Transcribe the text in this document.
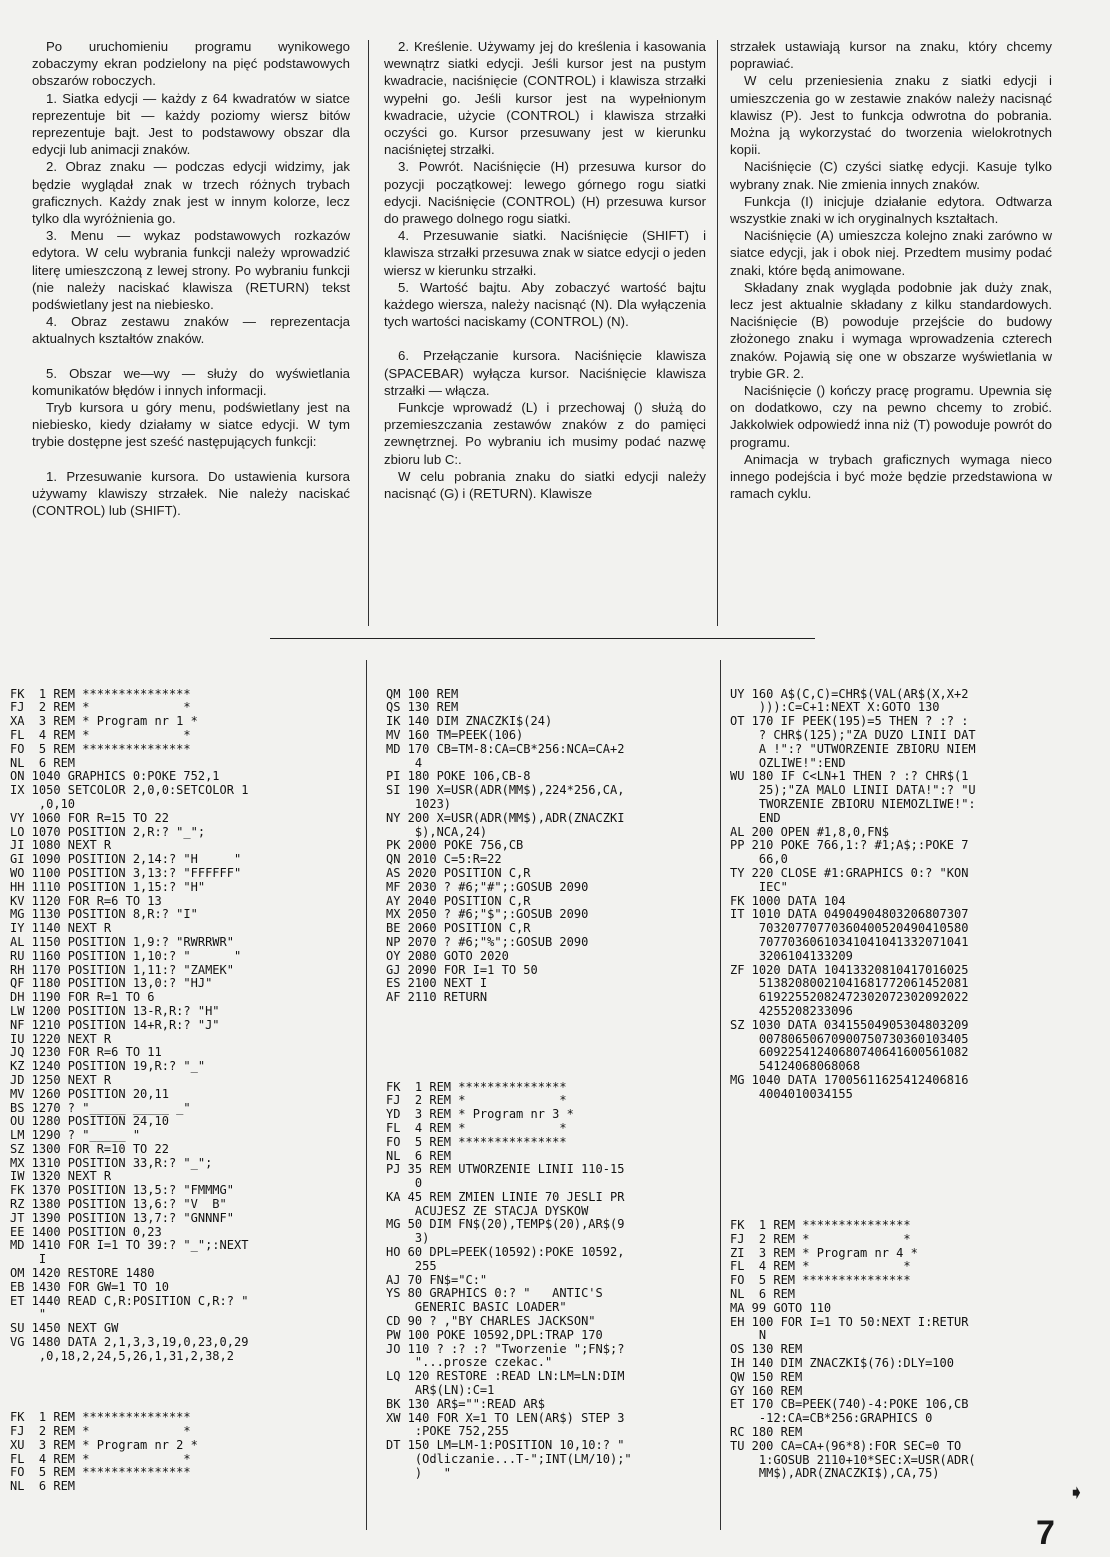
Po uruchomieniu programu wynikowego zobaczymy ekran podzielony na pięć podstawowych obszarów roboczych.

1. Siatka edycji — każdy z 64 kwadratów w siatce reprezentuje bit — każdy poziomy wiersz bitów reprezentuje bajt. Jest to podstawowy obszar dla edycji lub animacji znaków.

2. Obraz znaku — podczas edycji widzimy, jak będzie wyglądał znak w trzech różnych trybach graficznych. Każdy znak jest w innym kolorze, lecz tylko dla wyróżnienia go.

3. Menu — wykaz podstawowych rozkazów edytora. W celu wybrania funkcji należy wprowadzić literę umieszczoną z lewej strony. Po wybraniu funkcji (nie należy naciskać klawisza (RETURN) tekst podświetlany jest na niebiesko.

4. Obraz zestawu znaków — reprezentacja aktualnych kształtów znaków.

5. Obszar we—wy — służy do wyświetlania komunikatów błędów i innych informacji.

Tryb kursora u góry menu, podświetlany jest na niebiesko, kiedy działamy w siatce edycji. W tym trybie dostępne jest sześć następujących funkcji:

1. Przesuwanie kursora. Do ustawienia kursora używamy klawiszy strzałek. Nie należy naciskać (CONTROL) lub (SHIFT).

2. Kreślenie. Używamy jej do kreślenia i kasowania wewnątrz siatki edycji. Jeśli kursor jest na pustym kwadracie, naciśnięcie (CONTROL) i klawisza strzałki wypełni go. Jeśli kursor jest na wypełnionym kwadracie, użycie (CONTROL) i klawisza strzałki oczyści go. Kursor przesuwany jest w kierunku naciśniętej strzałki.

3. Powrót. Naciśnięcie (H) przesuwa kursor do pozycji początkowej: lewego górnego rogu siatki edycji. Naciśnięcie (CONTROL) (H) przesuwa kursor do prawego dolnego rogu siatki.

4. Przesuwanie siatki. Naciśnięcie (SHIFT) i klawisza strzałki przesuwa znak w siatce edycji o jeden wiersz w kierunku strzałki.

5. Wartość bajtu. Aby zobaczyć wartość bajtu każdego wiersza, należy nacisnąć (N). Dla wyłączenia tych wartości naciskamy (CONTROL) (N).

6. Przełączanie kursora. Naciśnięcie klawisza (SPACEBAR) wyłącza kursor. Naciśnięcie klawisza strzałki — włącza.

Funkcje wprowadź (L) i przechowaj () służą do przemieszczania zestawów znaków z do pamięci zewnętrznej. Po wybraniu ich musimy podać nazwę zbioru lub C:.

W celu pobrania znaku do siatki edycji należy nacisnąć (G) i (RETURN). Klawisze

strzałek ustawiają kursor na znaku, który chcemy poprawiać.

W celu przeniesienia znaku z siatki edycji i umieszczenia go w zestawie znaków należy nacisnąć klawisz (P). Jest to funkcja odwrotna do pobrania. Można ją wykorzystać do tworzenia wielokrotnych kopii.

Naciśnięcie (C) czyści siatkę edycji. Kasuje tylko wybrany znak. Nie zmienia innych znaków.

Funkcja (I) inicjuje działanie edytora. Odtwarza wszystkie znaki w ich oryginalnych kształtach.

Naciśnięcie (A) umieszcza kolejno znaki zarówno w siatce edycji, jak i obok niej. Przedtem musimy podać znaki, które będą animowane.

Składany znak wygląda podobnie jak duży znak, lecz jest aktualnie składany z kilku standardowych. Naciśnięcie (B) powoduje przejście do budowy złożonego znaku i wymaga wprowadzenia czterech znaków. Pojawią się one w obszarze wyświetlania w trybie GR. 2.

Naciśnięcie () kończy pracę programu. Upewnia się on dodatkowo, czy na pewno chcemy to zrobić. Jakkolwiek odpowiedź inna niż (T) powoduje powrót do programu.

Animacja w trybach graficznych wymaga nieco innego podejścia i być może będzie przedstawiona w ramach cyklu.

FK  1 REM ***************
FJ  2 REM *             *
XA  3 REM * Program nr 1 *
FL  4 REM *             *
FO  5 REM ***************
NL  6 REM
ON 1040 GRAPHICS 0:POKE 752,1
IX 1050 SETCOLOR 2,0,0:SETCOLOR 1
,0,10
VY 1060 FOR R=15 TO 22
LO 1070 POSITION 2,R:? "_";
JI 1080 NEXT R
GI 1090 POSITION 2,14:? "H     "
WO 1100 POSITION 3,13:? "FFFFFF"
HH 1110 POSITION 1,15:? "H"
KV 1120 FOR R=6 TO 13
MG 1130 POSITION 8,R:? "I"
IY 1140 NEXT R
AL 1150 POSITION 1,9:? "RWRRWR"
RU 1160 POSITION 1,10:? "      "
RH 1170 POSITION 1,11:? "ZAMEK"
QF 1180 POSITION 13,0:? "HJ"
DH 1190 FOR R=1 TO 6
LW 1200 POSITION 13-R,R:? "H"
NF 1210 POSITION 14+R,R:? "J"
IU 1220 NEXT R
JQ 1230 FOR R=6 TO 11
KZ 1240 POSITION 19,R:? "_"
JD 1250 NEXT R
MV 1260 POSITION 20,11
BS 1270 ? "_____ _____ _"
OU 1280 POSITION 24,10
LM 1290 ? "_____ "
SZ 1300 FOR R=10 TO 22
MX 1310 POSITION 33,R:? "_";
IW 1320 NEXT R
FK 1370 POSITION 13,5:? "FMMMG"
RZ 1380 POSITION 13,6:? "V  B"
JT 1390 POSITION 13,7:? "GNNNF"
EE 1400 POSITION 0,23
MD 1410 FOR I=1 TO 39:? "_";:NEXT
I
OM 1420 RESTORE 1480
EB 1430 FOR GW=1 TO 10
ET 1440 READ C,R:POSITION C,R:? "
"
SU 1450 NEXT GW
VG 1480 DATA 2,1,3,3,19,0,23,0,29
,0,18,2,24,5,26,1,31,2,38,2

FK  1 REM ***************
FJ  2 REM *             *
XU  3 REM * Program nr 2 *
FL  4 REM *             *
FO  5 REM ***************
NL  6 REM

QM 100 REM
QS 130 REM
IK 140 DIM ZNACZKI$(24)
MV 160 TM=PEEK(106)
MD 170 CB=TM-8:CA=CB*256:NCA=CA+2
4
PI 180 POKE 106,CB-8
SI 190 X=USR(ADR(MM$),224*256,CA,
1023)
NY 200 X=USR(ADR(MM$),ADR(ZNACZKI
$),NCA,24)
PK 2000 POKE 756,CB
QN 2010 C=5:R=22
AS 2020 POSITION C,R
MF 2030 ? #6;"#";:GOSUB 2090
AY 2040 POSITION C,R
MX 2050 ? #6;"$";:GOSUB 2090
BE 2060 POSITION C,R
NP 2070 ? #6;"%";:GOSUB 2090
OY 2080 GOTO 2020
GJ 2090 FOR I=1 TO 50
ES 2100 NEXT I
AF 2110 RETURN

FK  1 REM ***************
FJ  2 REM *             *
YD  3 REM * Program nr 3 *
FL  4 REM *             *
FO  5 REM ***************
NL  6 REM
PJ 35 REM UTWORZENIE LINII 110-15
0
KA 45 REM ZMIEN LINIE 70 JESLI PR
ACUJESZ ZE STACJA DYSKOW
MG 50 DIM FN$(20),TEMP$(20),AR$(9
3)
HO 60 DPL=PEEK(10592):POKE 10592,
255
AJ 70 FN$="C:"
YS 80 GRAPHICS 0:? "   ANTIC'S
GENERIC BASIC LOADER"
CD 90 ? ,"BY CHARLES JACKSON"
PW 100 POKE 10592,DPL:TRAP 170
JO 110 ? :? :? "Tworzenie ";FN$;?
"...prosze czekac."
LQ 120 RESTORE :READ LN:LM=LN:DIM
AR$(LN):C=1
BK 130 AR$="":READ AR$
XW 140 FOR X=1 TO LEN(AR$) STEP 3
:POKE 752,255
DT 150 LM=LM-1:POSITION 10,10:? "
(Odliczanie...T-";INT(LM/10);"
)   "

UY 160 A$(C,C)=CHR$(VAL(AR$(X,X+2
))):C=C+1:NEXT X:GOTO 130
OT 170 IF PEEK(195)=5 THEN ? :? :
? CHR$(125);"ZA DUZO LINII DAT
A !":? "UTWORZENIE ZBIORU NIEM
OZLIWE!":END
WU 180 IF C<LN+1 THEN ? :? CHR$(1
25);"ZA MALO LINII DATA!":? "U
TWORZENIE ZBIORU NIEMOZLIWE!":
END
AL 200 OPEN #1,8,0,FN$
PP 210 POKE 766,1:? #1;A$;:POKE 7
66,0
TY 220 CLOSE #1:GRAPHICS 0:? "KON
IEC"
FK 1000 DATA 104
IT 1010 DATA 04904904803206807307
70320770770360400520490410580
70770360610341041041332071041
3206104133209
ZF 1020 DATA 10413320810417016025
51382080021041681772061452081
61922552082472302072302092022
4255208233096
SZ 1030 DATA 03415504905304803209
00780650670900750730360103405
60922541240680740641600561082
54124068068068
MG 1040 DATA 17005611625412406816
4004010034155

FK  1 REM ***************
FJ  2 REM *             *
ZI  3 REM * Program nr 4 *
FL  4 REM *             *
FO  5 REM ***************
NL  6 REM
MA 99 GOTO 110
EH 100 FOR I=1 TO 50:NEXT I:RETUR
N
OS 130 REM
IH 140 DIM ZNACZKI$(76):DLY=100
QW 150 REM
GY 160 REM
ET 170 CB=PEEK(740)-4:POKE 106,CB
-12:CA=CB*256:GRAPHICS 0
RC 180 REM
TU 200 CA=CA+(96*8):FOR SEC=0 TO
1:GOSUB 2110+10*SEC:X=USR(ADR(
MM$),ADR(ZNACZKI$),CA,75)

➧
7
